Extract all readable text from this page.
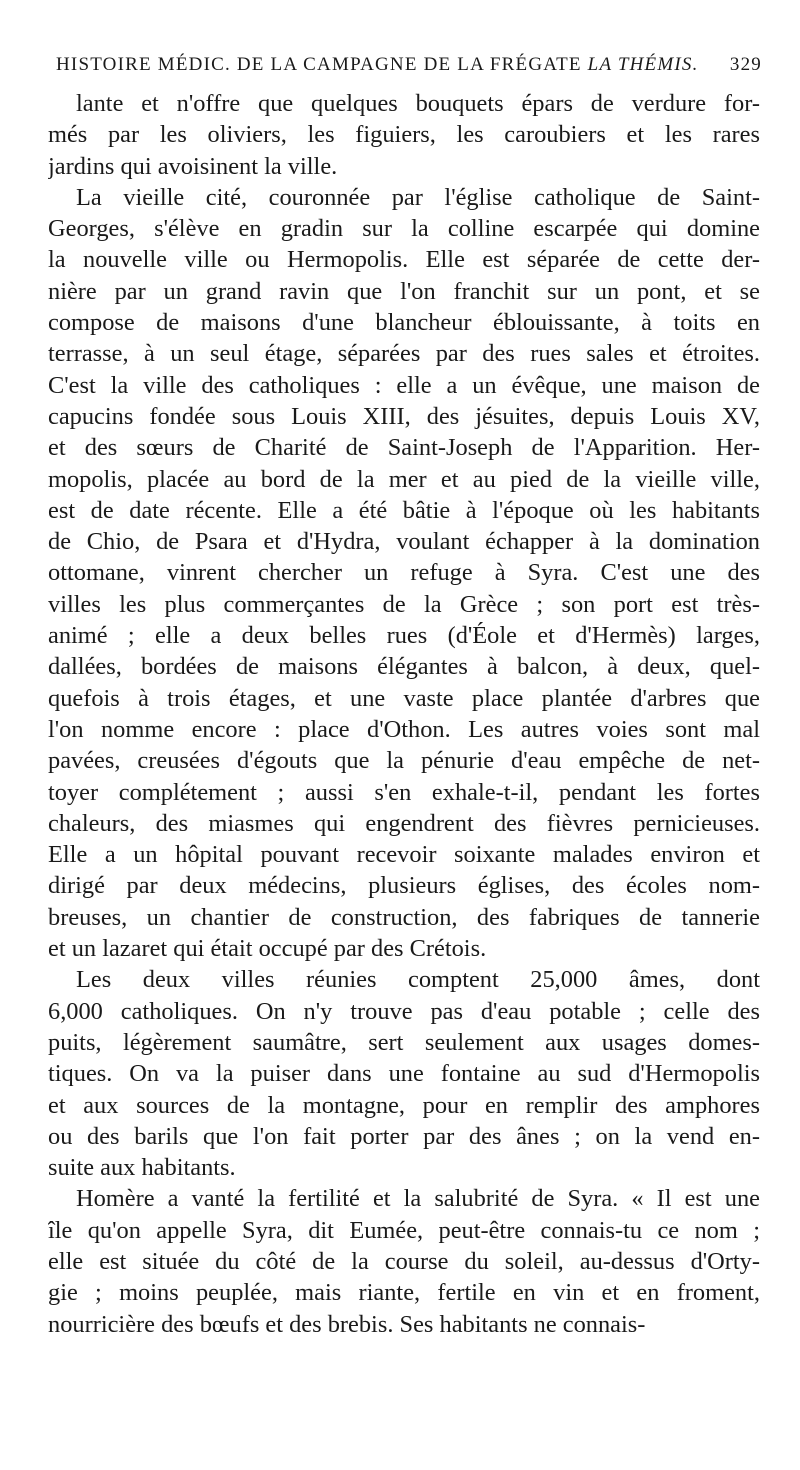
HISTOIRE MÉDIC. DE LA CAMPAGNE DE LA FRÉGATE LA THÉMIS. 329
lante et n'offre que quelques bouquets épars de verdure for-
més par les oliviers, les figuiers, les caroubiers et les rares
jardins qui avoisinent la ville.
La vieille cité, couronnée par l'église catholique de Saint-
Georges, s'élève en gradin sur la colline escarpée qui domine
la nouvelle ville ou Hermopolis. Elle est séparée de cette der-
nière par un grand ravin que l'on franchit sur un pont, et se
compose de maisons d'une blancheur éblouissante, à toits en
terrasse, à un seul étage, séparées par des rues sales et étroites.
C'est la ville des catholiques : elle a un évêque, une maison de
capucins fondée sous Louis XIII, des jésuites, depuis Louis XV,
et des sœurs de Charité de Saint-Joseph de l'Apparition. Her-
mopolis, placée au bord de la mer et au pied de la vieille ville,
est de date récente. Elle a été bâtie à l'époque où les habitants
de Chio, de Psara et d'Hydra, voulant échapper à la domination
ottomane, vinrent chercher un refuge à Syra. C'est une des
villes les plus commerçantes de la Grèce ; son port est très-
animé ; elle a deux belles rues (d'Éole et d'Hermès) larges,
dallées, bordées de maisons élégantes à balcon, à deux, quel-
quefois à trois étages, et une vaste place plantée d'arbres que
l'on nomme encore : place d'Othon. Les autres voies sont mal
pavées, creusées d'égouts que la pénurie d'eau empêche de net-
toyer complétement ; aussi s'en exhale-t-il, pendant les fortes
chaleurs, des miasmes qui engendrent des fièvres pernicieuses.
Elle a un hôpital pouvant recevoir soixante malades environ et
dirigé par deux médecins, plusieurs églises, des écoles nom-
breuses, un chantier de construction, des fabriques de tannerie
et un lazaret qui était occupé par des Crétois.
Les deux villes réunies comptent 25,000 âmes, dont
6,000 catholiques. On n'y trouve pas d'eau potable ; celle des
puits, légèrement saumâtre, sert seulement aux usages domes-
tiques. On va la puiser dans une fontaine au sud d'Hermopolis
et aux sources de la montagne, pour en remplir des amphores
ou des barils que l'on fait porter par des ânes ; on la vend en-
suite aux habitants.
Homère a vanté la fertilité et la salubrité de Syra. « Il est une
île qu'on appelle Syra, dit Eumée, peut-être connais-tu ce nom ;
elle est située du côté de la course du soleil, au-dessus d'Orty-
gie ; moins peuplée, mais riante, fertile en vin et en froment,
nourricière des bœufs et des brebis. Ses habitants ne connais-
